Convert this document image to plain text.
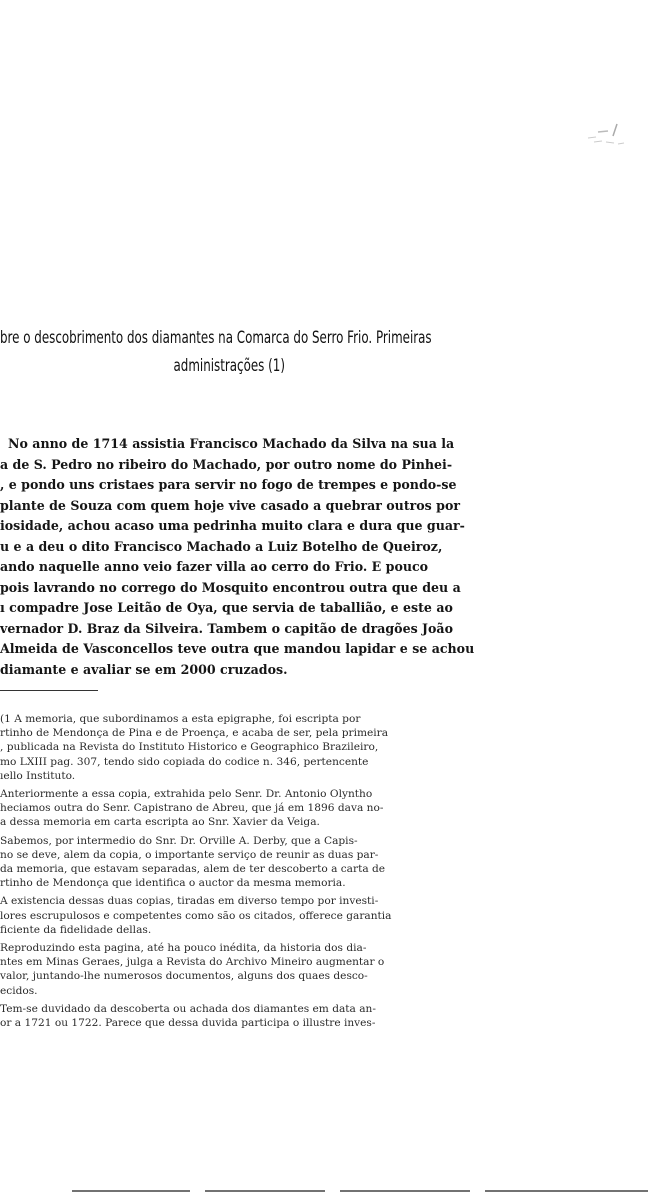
bre o descobrimento dos diamantes na Comarca do Serro Frio. Primeiras
administrações (1)
No anno de 1714 assistia Francisco Machado da Silva na sua la
a de S. Pedro no ribeiro do Machado, por outro nome do Pinhei-
, e pondo uns cristaes para servir no fogo de trempes e pondo-se
plante de Souza com quem hoje vive casado a quebrar outros por
iosidade, achou acaso uma pedrinha muito clara e dura que guar-
u e a deu o dito Francisco Machado a Luiz Botelho de Queiroz,
ando naquelle anno veio fazer villa ao cerro do Frio. E pouco
pois lavrando no corrego do Mosquito encontrou outra que deu a
ı compadre Jose Leitão de Oya, que servia de taballião, e este ao
vernador D. Braz da Silveira. Tambem o capitão de dragões João
Almeida de Vasconcellos teve outra que mandou lapidar e se achou
diamante e avaliar se em 2000 cruzados.
(1 A memoria, que subordinamos a esta epigraphe, foi escripta por
rtinho de Mendonça de Pina e de Proença, e acaba de ser, pela primeira
, publicada na Revista do Instituto Historico e Geographico Brazileiro,
mo LXIII pag. 307, tendo sido copiada do codice n. 346, pertencente
ıello Instituto.
Anteriormente a essa copia, extrahida pelo Senr. Dr. Antonio Olyntho
heciamos outra do Senr. Capistrano de Abreu, que já em 1896 dava no-
a dessa memoria em carta escripta ao Snr. Xavier da Veiga.
Sabemos, por intermedio do Snr. Dr. Orville A. Derby, que a Capis-
no se deve, alem da copia, o importante serviço de reunir as duas par-
da memoria, que estavam separadas, alem de ter descoberto a carta de
rtinho de Mendonça que identifica o auctor da mesma memoria.
A existencia dessas duas copias, tiradas em diverso tempo por investi-
lores escrupulosos e competentes como são os citados, offerece garantia
ficiente da fidelidade dellas.
Reproduzindo esta pagina, até ha pouco inédita, da historia dos dia-
ntes em Minas Geraes, julga a Revista do Archivo Mineiro augmentar o
valor, juntando-lhe numerosos documentos, alguns dos quaes desco-
ecidos.
Tem-se duvidado da descoberta ou achada dos diamantes em data an-
or a 1721 ou 1722. Parece que dessa duvida participa o illustre inves-
